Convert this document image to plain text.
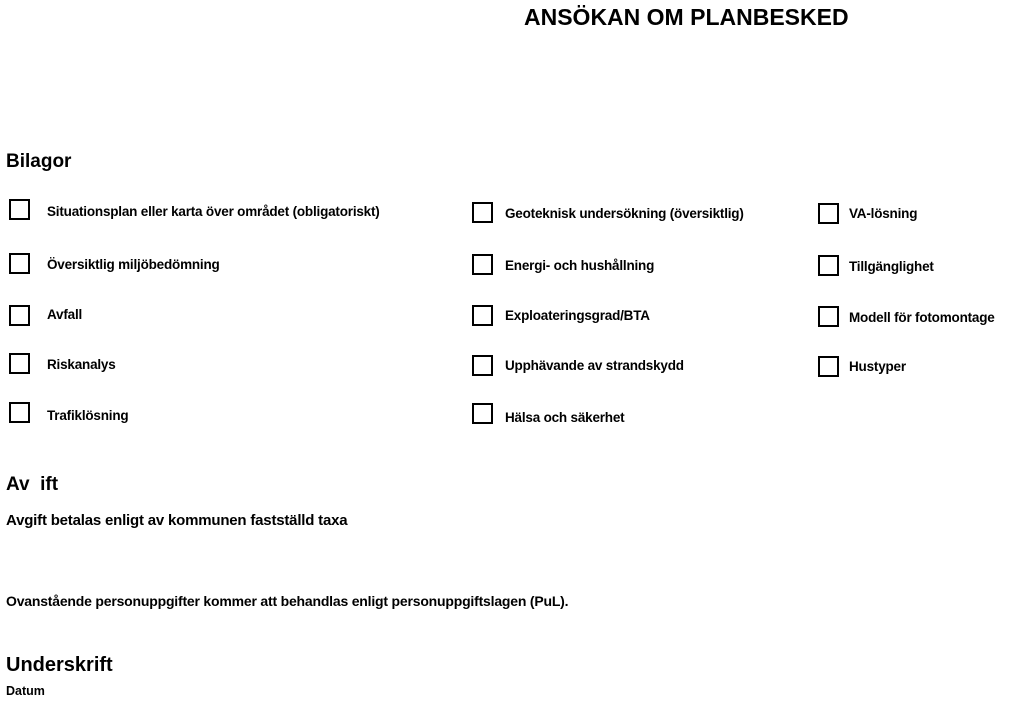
ANSÖKAN OM PLANBESKED
Bilagor
Situationsplan eller karta över området (obligatoriskt)
Översiktlig miljöbedömning
Avfall
Riskanalys
Trafiklösning
Geoteknisk undersökning (översiktlig)
Energi- och hushållning
Exploateringsgrad/BTA
Upphävande av strandskydd
Hälsa och säkerhet
VA-lösning
Tillgänglighet
Modell för fotomontage
Hustyper
Av  ift
Avgift betalas enligt av kommunen fastställd taxa
Ovanstående personuppgifter kommer att behandlas enligt personuppgiftslagen (PuL).
Underskrift
Datum
